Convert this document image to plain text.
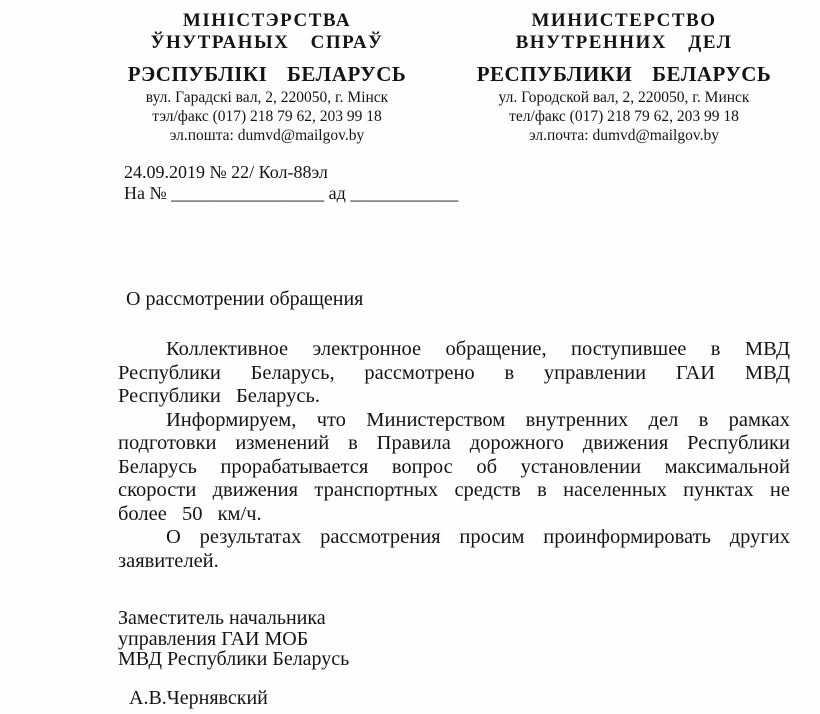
МІНІСТЭРСТВА
ЎНУТРАНЫХ СПРАЎ
РЭСПУБЛІКІ БЕЛАРУСЬ
вул. Гарадскі вал, 2, 220050, г. Мінск
тэл/факс (017) 218 79 62, 203 99 18
эл.пошта: dumvd@mailgov.by
МИНИСТЕРСТВО
ВНУТРЕННИХ ДЕЛ
РЕСПУБЛИКИ БЕЛАРУСЬ
ул. Городской вал, 2, 220050, г. Минск
тел/факс (017) 218 79 62, 203 99 18
эл.почта: dumvd@mailgov.by
24.09.2019 № 22/ Кол-88эл
На № _________________ ад ____________
О рассмотрении обращения

Коллективное электронное обращение, поступившее в МВД Республики Беларусь, рассмотрено в управлении ГАИ МВД Республики Беларусь.

Информируем, что Министерством внутренних дел в рамках подготовки изменений в Правила дорожного движения Республики Беларусь прорабатывается вопрос об установлении максимальной скорости движения транспортных средств в населенных пунктах не более 50 км/ч.

О результатах рассмотрения просим проинформировать других заявителей.

Заместитель начальника
управления ГАИ МОБ
МВД Республики Беларусь
А.В.Чернявский
